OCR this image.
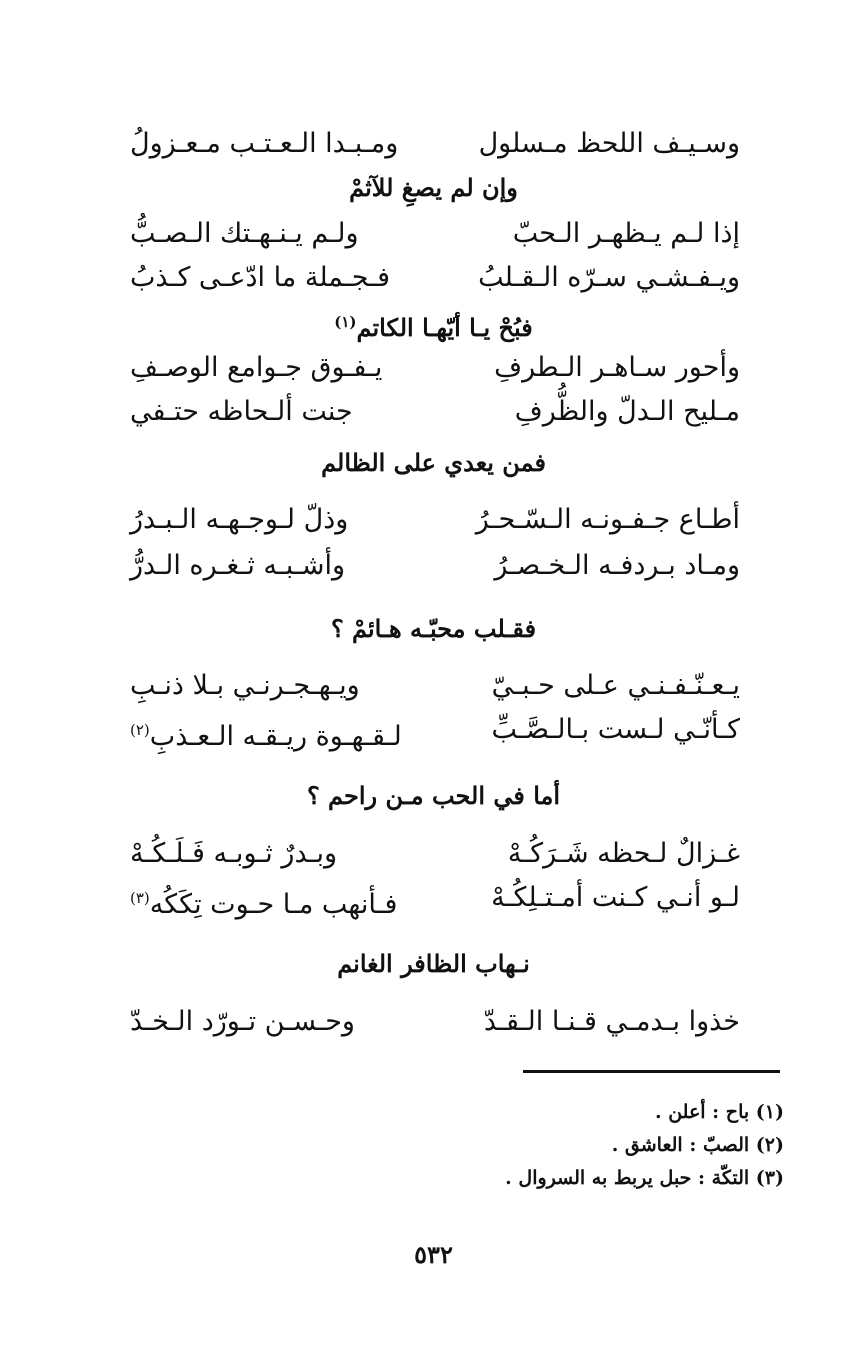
وسـيـف اللحظ مـسلول
ومـبـدا الـعـتـب مـعـزولُ
وإن لم يصغِ للآثمْ
إذا لـم يـظهـر الـحبّ
ولـم يـنـهـتك الـصـبُّ
ويـفـشـي سـرّه الـقـلبُ
فـجـملة ما ادّعـى كـذبُ
فبُحْ يـا أيّهـا الكاتم$^{(١)}$
وأحور سـاهـر الـطرفِ
يـفـوق جـوامع الوصـفِ
مـليح الـدلّ والظُّرفِ
جنت ألـحاظه حتـفي
فمن يعدي على الظالم
أطـاع جـفـونـه الـسّـحـرُ
وذلّ لـوجـهـه الـبـدرُ
ومـاد بـردفـه الـخـصـرُ
وأشـبـه ثـغـره الـدرُّ
فقـلب محبّـه هـائمْ ؟
يـعـنّـفـنـي عـلى حـبـيّ
ويـهـجـرنـي بـلا ذنـبِ
كـأنّـي لـست بـالـصَّـبِّ
لـقـهـوة ريـقـه الـعـذبِ$^{(٢)}$
أما في الحب مـن راحم ؟
غـزالٌ لـحظه شَـرَكُـهْ
وبـدرٌ ثـوبـه فَـلَـكُـهْ
لـو أنـي كـنت أمـتـلِكُـهْ
فـأنهب مـا حـوت تِكَكُه$^{(٣)}$
نـهاب الظافر الغانم
خذوا بـدمـي قـنـا الـقـدّ
وحـسـن تـورّد الـخـدّ
(١) باح : أعلن .
(٢) الصبّ : العاشق .
(٣) التكّة : حبل يربط به السروال .
٥٣٢
